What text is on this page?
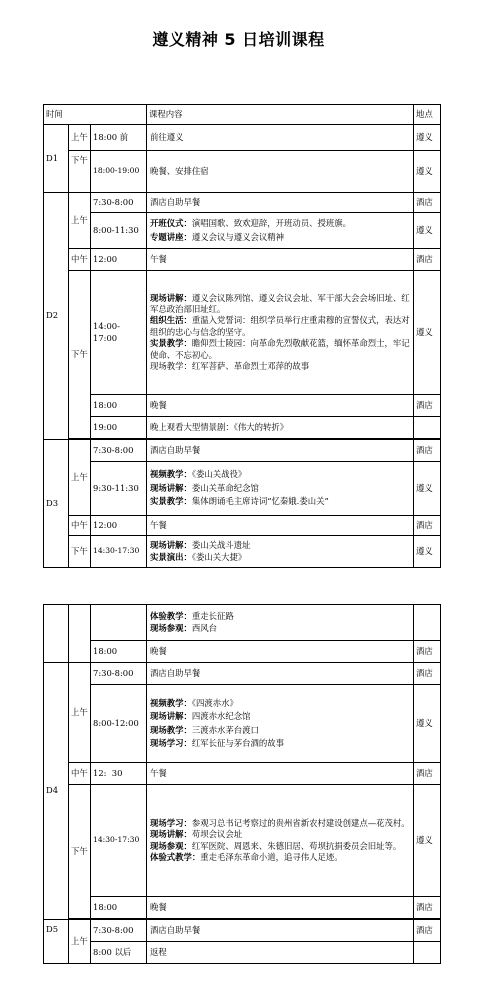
遵义精神 5 日培训课程
时间			课程内容	地点
D1	上午	18:00 前	前往遵义	遵义
	下午	18:00-19:00	晚餐、安排住宿	遵义
D2	上午	7:30-8:00	酒店自助早餐	酒店
		8:00-11:30	开班仪式：演唱国歌、致欢迎辞，开班动员、授班旗。
专题讲座：遵义会议与遵义会议精神	遵义
	中午	12:00	午餐	酒店
	下午	14:00-17:00	现场讲解：遵义会议陈列馆、遵义会议会址、军干部大会会场旧址、红军总政治部旧址红。
组织生活：重温入党誓词：组织学员举行庄重肃穆的宣誓仪式，表达对组织的忠心与信念的坚守。
实景教学：瞻仰烈士陵园：向革命先烈敬献花篮，缅怀革命烈士，牢记使命、不忘初心。
现场教学：红军菩萨、革命烈士邓萍的故事	遵义
		18:00	晚餐	酒店
		19:00	晚上观看大型情景剧：《伟大的转折》	

D3	上午	7:30-8:00	酒店自助早餐	酒店
		9:30-11:30	视频教学：《娄山关战役》
现场讲解：娄山关革命纪念馆
实景教学：集体朗诵毛主席诗词“忆秦娥.娄山关”	遵义
	中午	12:00	午餐	酒店
	下午	14:30-17:30	现场讲解：娄山关战斗遗址
实景演出：《娄山关大捷》	遵义

			体验教学：重走长征路
现场参观：西风台	

		18:00	晚餐	酒店
D4	上午	7:30-8:00	酒店自助早餐	酒店
		8:00-12:00	视频教学：《四渡赤水》
现场讲解：四渡赤水纪念馆
现场教学：三渡赤水茅台渡口
现场学习：红军长征与茅台酒的故事	遵义
	中午	12:  30	午餐	酒店
	下午	14:30-17:30	现场学习：参观习总书记考察过的贵州省新农村建设创建点—花茂村。
现场讲解：苟坝会议会址
现场参观：红军医院、周恩来、朱德旧居、苟坝抗捐委员会旧址等。
体验式教学：重走毛泽东革命小道，追寻伟人足迹。	遵义
		18:00	晚餐	酒店

D5	上午	7:30-8:00	酒店自助早餐	酒店
		8:00 以后	返程	
